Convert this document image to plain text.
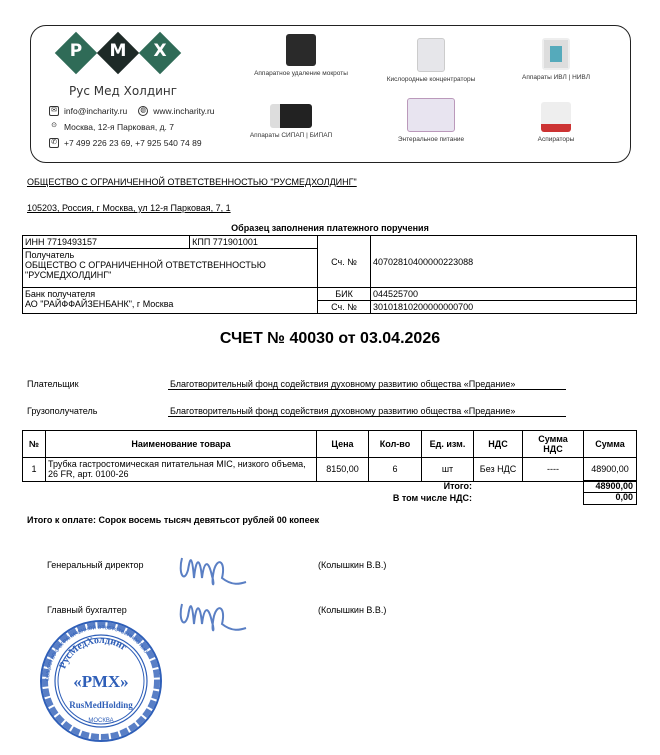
Р	М	Х
Рус Мед Холдинг
✉ info@incharity.ru ◍ www.incharity.ru
⊙ Москва, 12-я Парковая, д. 7
✆ +7 499 226 23 69, +7 925 540 74 89
Аппаратное удаление мокроты
Кислородные концентраторы	Аппараты ИВЛ | НИВЛ
Аппараты СИПАП | БИПАП
Энтеральное питание	Аспираторы
ОБЩЕСТВО С ОГРАНИЧЕННОЙ ОТВЕТСТВЕННОСТЬЮ "РУСМЕДХОЛДИНГ"
105203, Россия, г Москва, ул 12-я Парковая, 7, 1
Образец заполнения платежного поручения
ИНН 7719493157	КПП 771901001	Сч. №	40702810400000223088

Получатель
ОБЩЕСТВО С ОГРАНИЧЕННОЙ ОТВЕТСТВЕННОСТЬЮ "РУСМЕДХОЛДИНГ"			

Банк получателя
АО "РАЙФФАЙЗЕНБАНК", г Москва		БИК	044525700
		Сч. №	30101810200000000700
СЧЕТ № 40030 от 03.04.2026
Плательщик	Благотворительный фонд содействия духовному развитию общества «Предание»
Грузополучатель	Благотворительный фонд содействия духовному развитию общества «Предание»
№	Наименование товара	Цена	Кол-во	Ед. изм.	НДС	Сумма НДС	Сумма
1	Трубка гастростомическая питательная MIC, низкого объема, 26 FR, арт. 0100-26	8150,00	6	шт	Без НДС	----	48900,00
Итого:	48900,00
В том числе НДС:	0,00
Итого к оплате: Сорок восемь тысяч девятьсот рублей 00 копеек
Генеральный директор	(Колышкин В.В.)
Главный бухгалтер	(Колышкин В.В.)
ОБЩЕСТВО С ОГРАНИЧЕННОЙ ОТВЕТСТВЕННОСТЬЮ
РусМедХолдинг
«РМХ»
RusMedHolding
МОСКВА
